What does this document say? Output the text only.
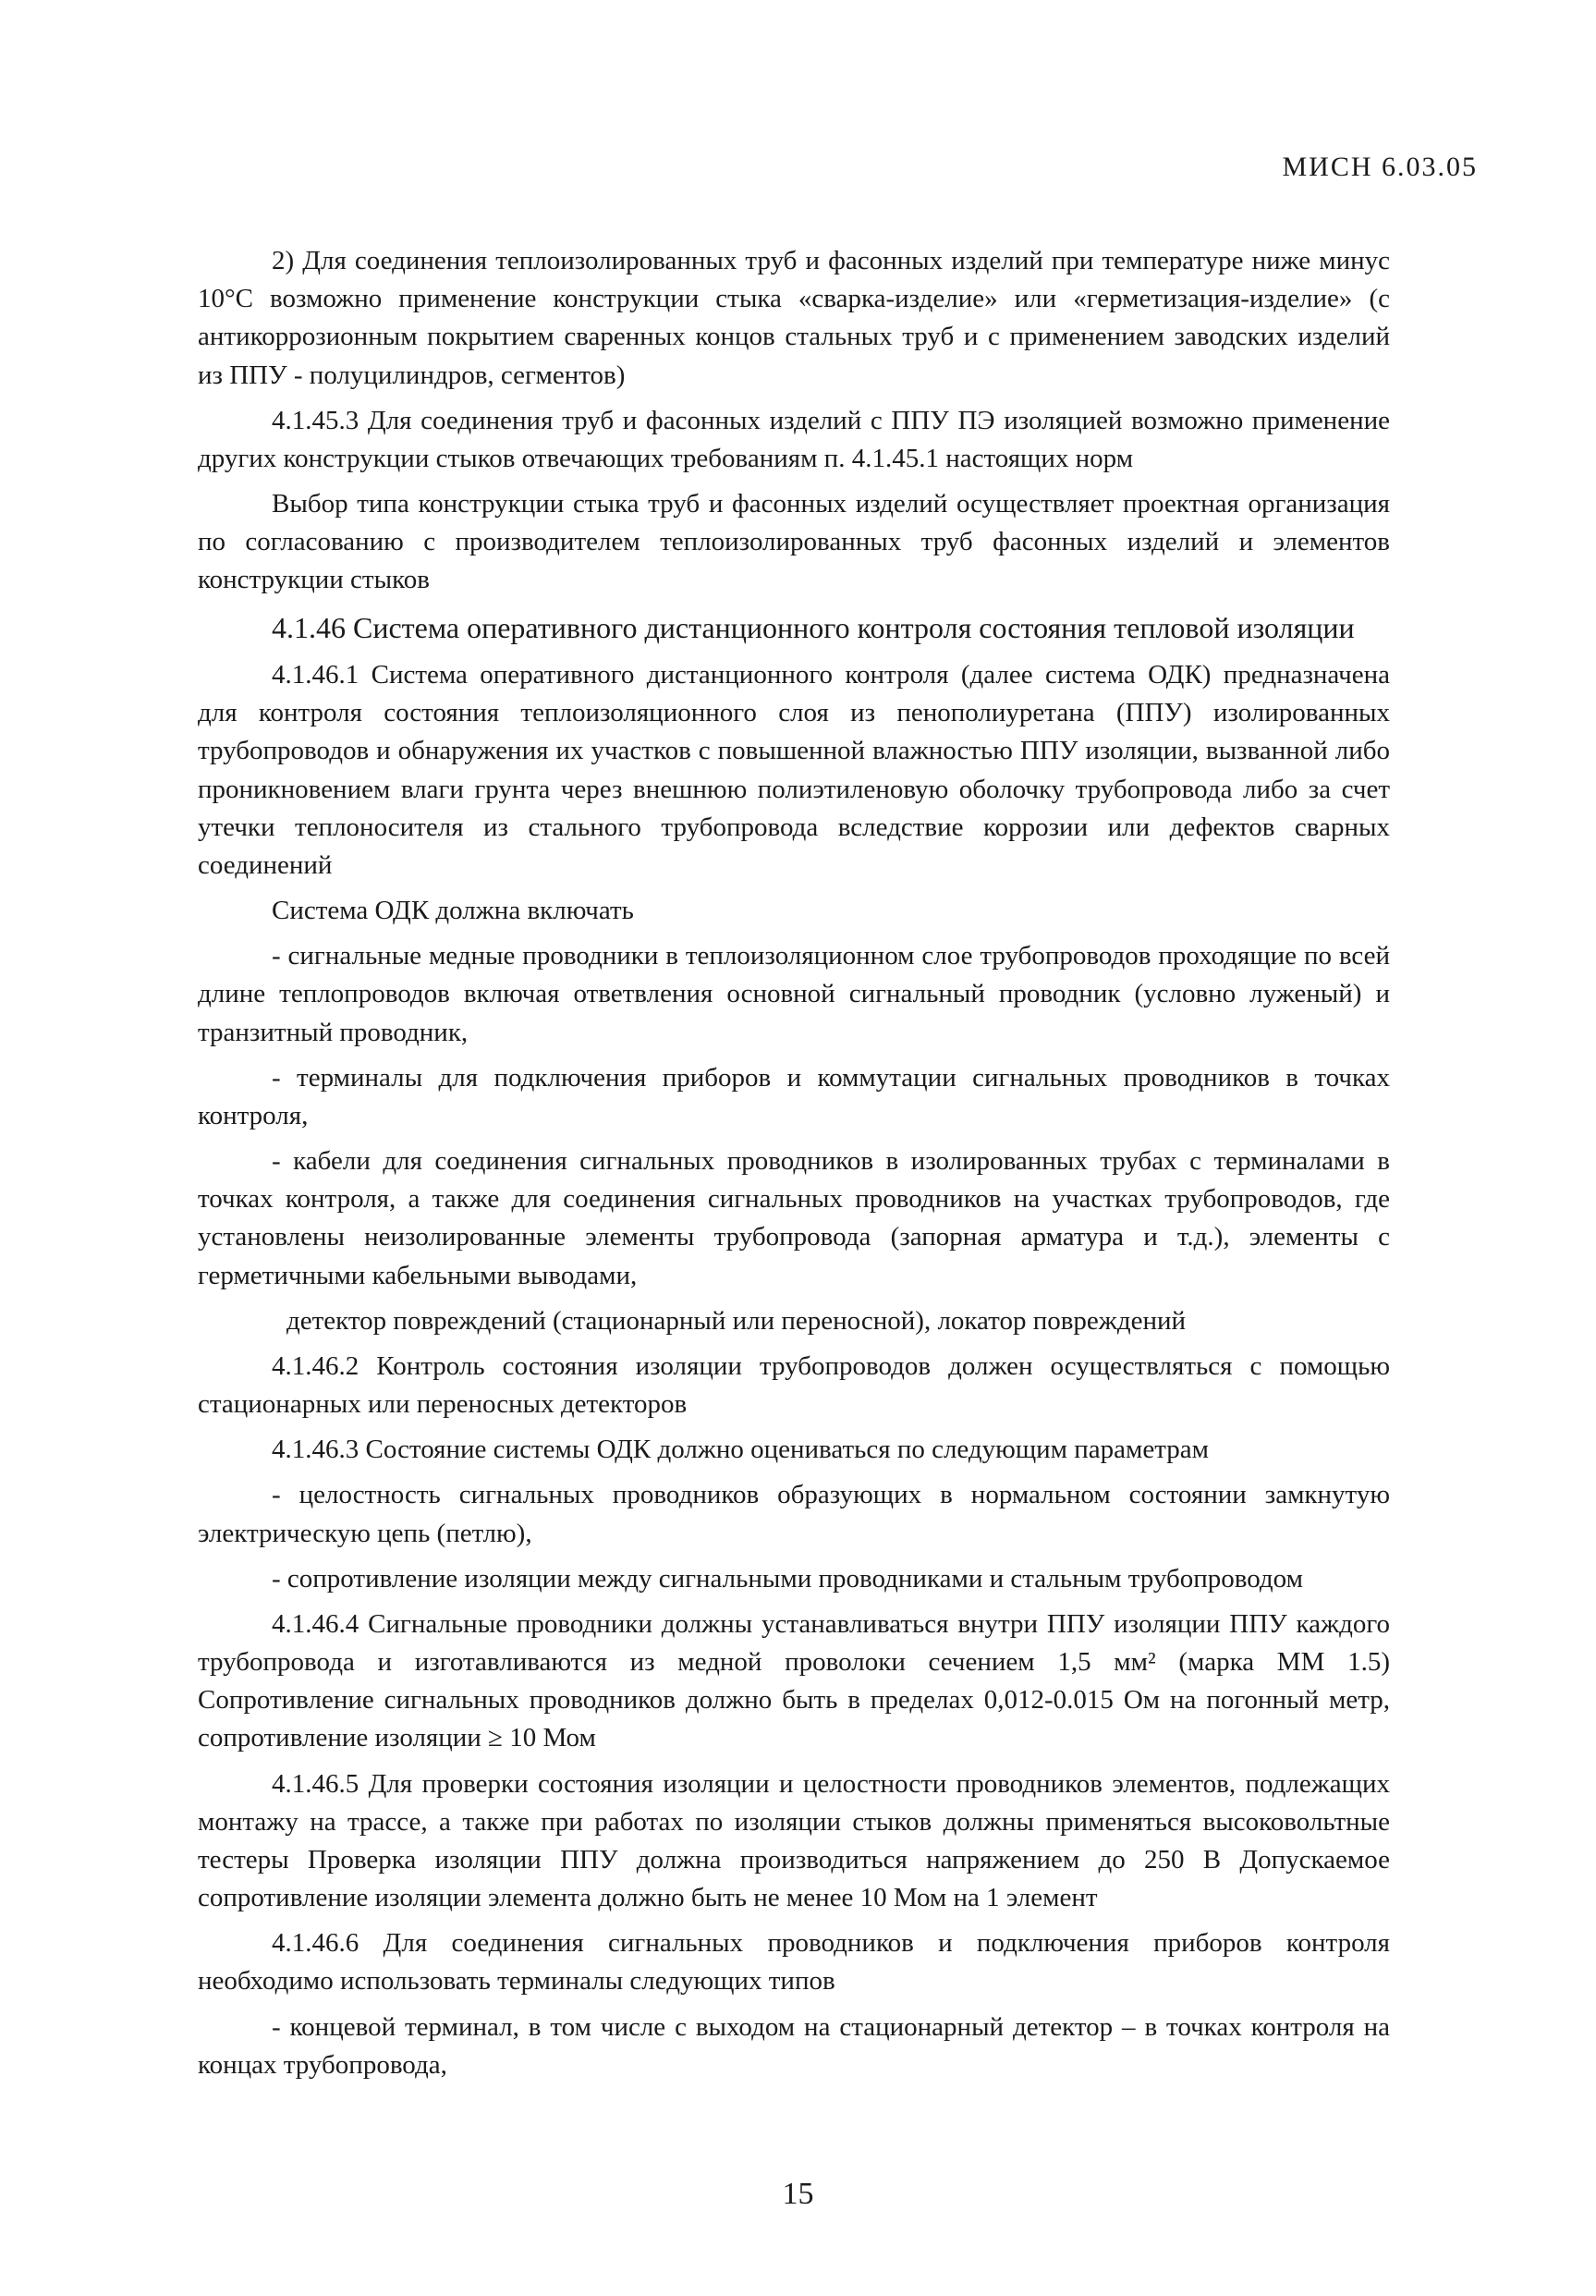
МИСН 6.03.05

2) Для соединения теплоизолированных труб и фасонных изделий при температуре ниже минус 10°С возможно применение конструкции стыка «сварка-изделие» или «герметизация-изделие» (с антикоррозионным покрытием сваренных концов стальных труб и с применением заводских изделий из ППУ - полуцилиндров, сегментов)

4.1.45.3 Для соединения труб и фасонных изделий с ППУ ПЭ изоляцией возможно применение других конструкции стыков отвечающих требованиям п. 4.1.45.1 настоящих норм

Выбор типа конструкции стыка труб и фасонных изделий осуществляет проектная организация по согласованию с производителем теплоизолированных труб фасонных изделий и элементов конструкции стыков

4.1.46 Система оперативного дистанционного контроля состояния тепловой изоляции

4.1.46.1 Система оперативного дистанционного контроля (далее система ОДК) предназначена для контроля состояния теплоизоляционного слоя из пенополиуретана (ППУ) изолированных трубопроводов и обнаружения их участков с повышенной влажностью ППУ изоляции, вызванной либо проникновением влаги грунта через внешнюю полиэтиленовую оболочку трубопровода либо за счет утечки теплоносителя из стального трубопровода вследствие коррозии или дефектов сварных соединений

Система ОДК должна включать

- сигнальные медные проводники в теплоизоляционном слое трубопроводов проходящие по всей длине теплопроводов включая ответвления основной сигнальный проводник (условно луженый) и транзитный проводник,

- терминалы для подключения приборов и коммутации сигнальных проводников в точках контроля,

- кабели для соединения сигнальных проводников в изолированных трубах с терминалами в точках контроля, а также для соединения сигнальных проводников на участках трубопроводов, где установлены неизолированные элементы трубопровода (запорная арматура и т.д.), элементы с герметичными кабельными выводами,

детектор повреждений (стационарный или переносной), локатор повреждений

4.1.46.2 Контроль состояния изоляции трубопроводов должен осуществляться с помощью стационарных или переносных детекторов

4.1.46.3 Состояние системы ОДК должно оцениваться по следующим параметрам

- целостность сигнальных проводников образующих в нормальном состоянии замкнутую электрическую цепь (петлю),

- сопротивление изоляции между сигнальными проводниками и стальным трубопроводом

4.1.46.4 Сигнальные проводники должны устанавливаться внутри ППУ изоляции ППУ каждого трубопровода и изготавливаются из медной проволоки сечением 1,5 мм² (марка ММ 1.5) Сопротивление сигнальных проводников должно быть в пределах 0,012-0.015 Ом на погонный метр, сопротивление изоляции ≥ 10 Мом

4.1.46.5 Для проверки состояния изоляции и целостности проводников элементов, подлежащих монтажу на трассе, а также при работах по изоляции стыков должны применяться высоковольтные тестеры Проверка изоляции ППУ должна производиться напряжением до 250 В Допускаемое сопротивление изоляции элемента должно быть не менее 10 Мом на 1 элемент

4.1.46.6 Для соединения сигнальных проводников и подключения приборов контроля необходимо использовать терминалы следующих типов

- концевой терминал, в том числе с выходом на стационарный детектор – в точках контроля на концах трубопровода,

15
